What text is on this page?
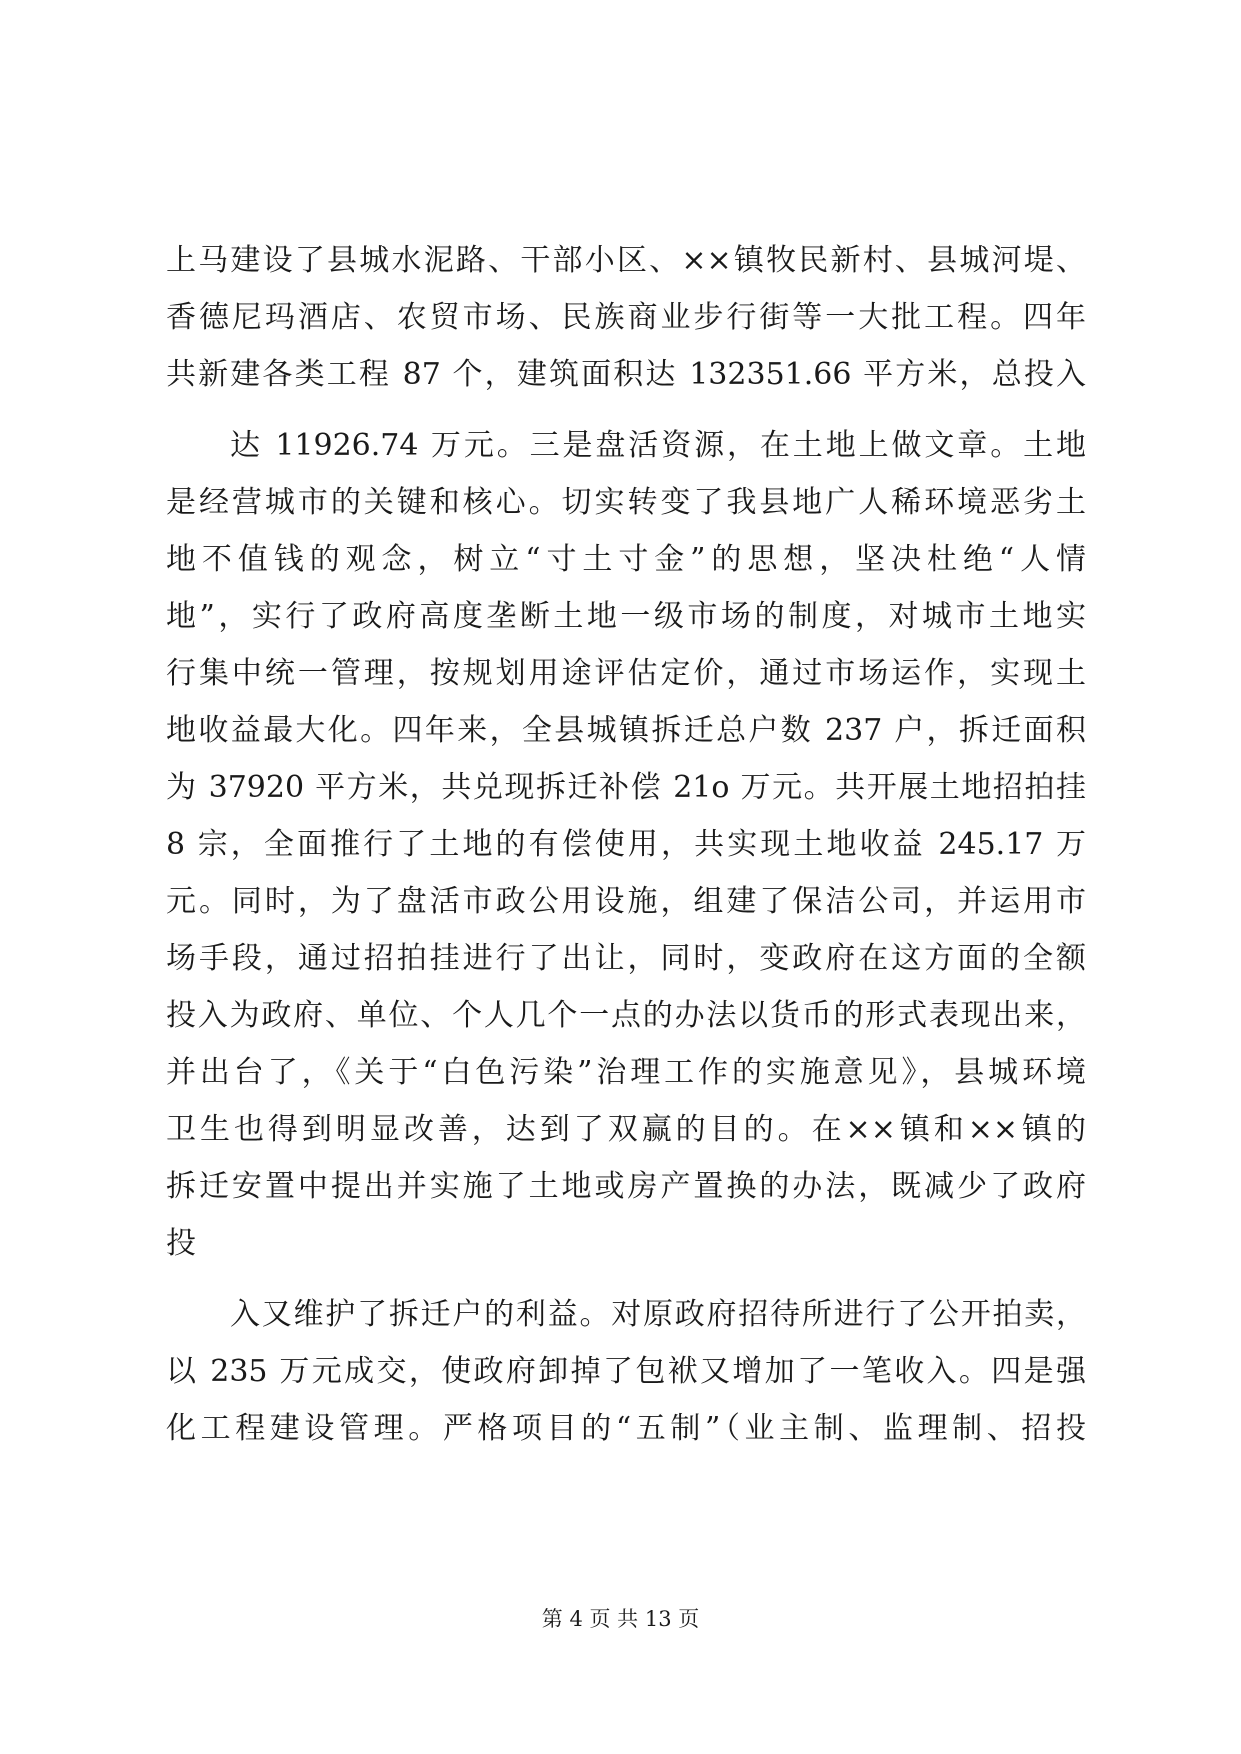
上马建设了县城水泥路、干部小区、××镇牧民新村、县城河堤、
香德尼玛酒店、农贸市场、民族商业步行街等一大批工程。四年
共新建各类工程 87 个，建筑面积达 132351.66 平方米，总投入
达 11926.74 万元。三是盘活资源，在土地上做文章。土地
是经营城市的关键和核心。切实转变了我县地广人稀环境恶劣土
地不值钱的观念，树立“寸土寸金”的思想，坚决杜绝“人情
地”，实行了政府高度垄断土地一级市场的制度，对城市土地实
行集中统一管理，按规划用途评估定价，通过市场运作，实现土
地收益最大化。四年来，全县城镇拆迁总户数 237 户，拆迁面积
为 37920 平方米，共兑现拆迁补偿 21o 万元。共开展土地招拍挂
8 宗，全面推行了土地的有偿使用，共实现土地收益 245.17 万
元。同时，为了盘活市政公用设施，组建了保洁公司，并运用市
场手段，通过招拍挂进行了出让，同时，变政府在这方面的全额
投入为政府、单位、个人几个一点的办法以货币的形式表现出来，
并出台了，《关于“白色污染”治理工作的实施意见》，县城环境
卫生也得到明显改善，达到了双赢的目的。在××镇和××镇的
拆迁安置中提出并实施了土地或房产置换的办法，既减少了政府
投
入又维护了拆迁户的利益。对原政府招待所进行了公开拍卖，
以 235 万元成交，使政府卸掉了包袱又增加了一笔收入。四是强
化工程建设管理。严格项目的“五制”（业主制、监理制、招投
第 4 页 共 13 页
